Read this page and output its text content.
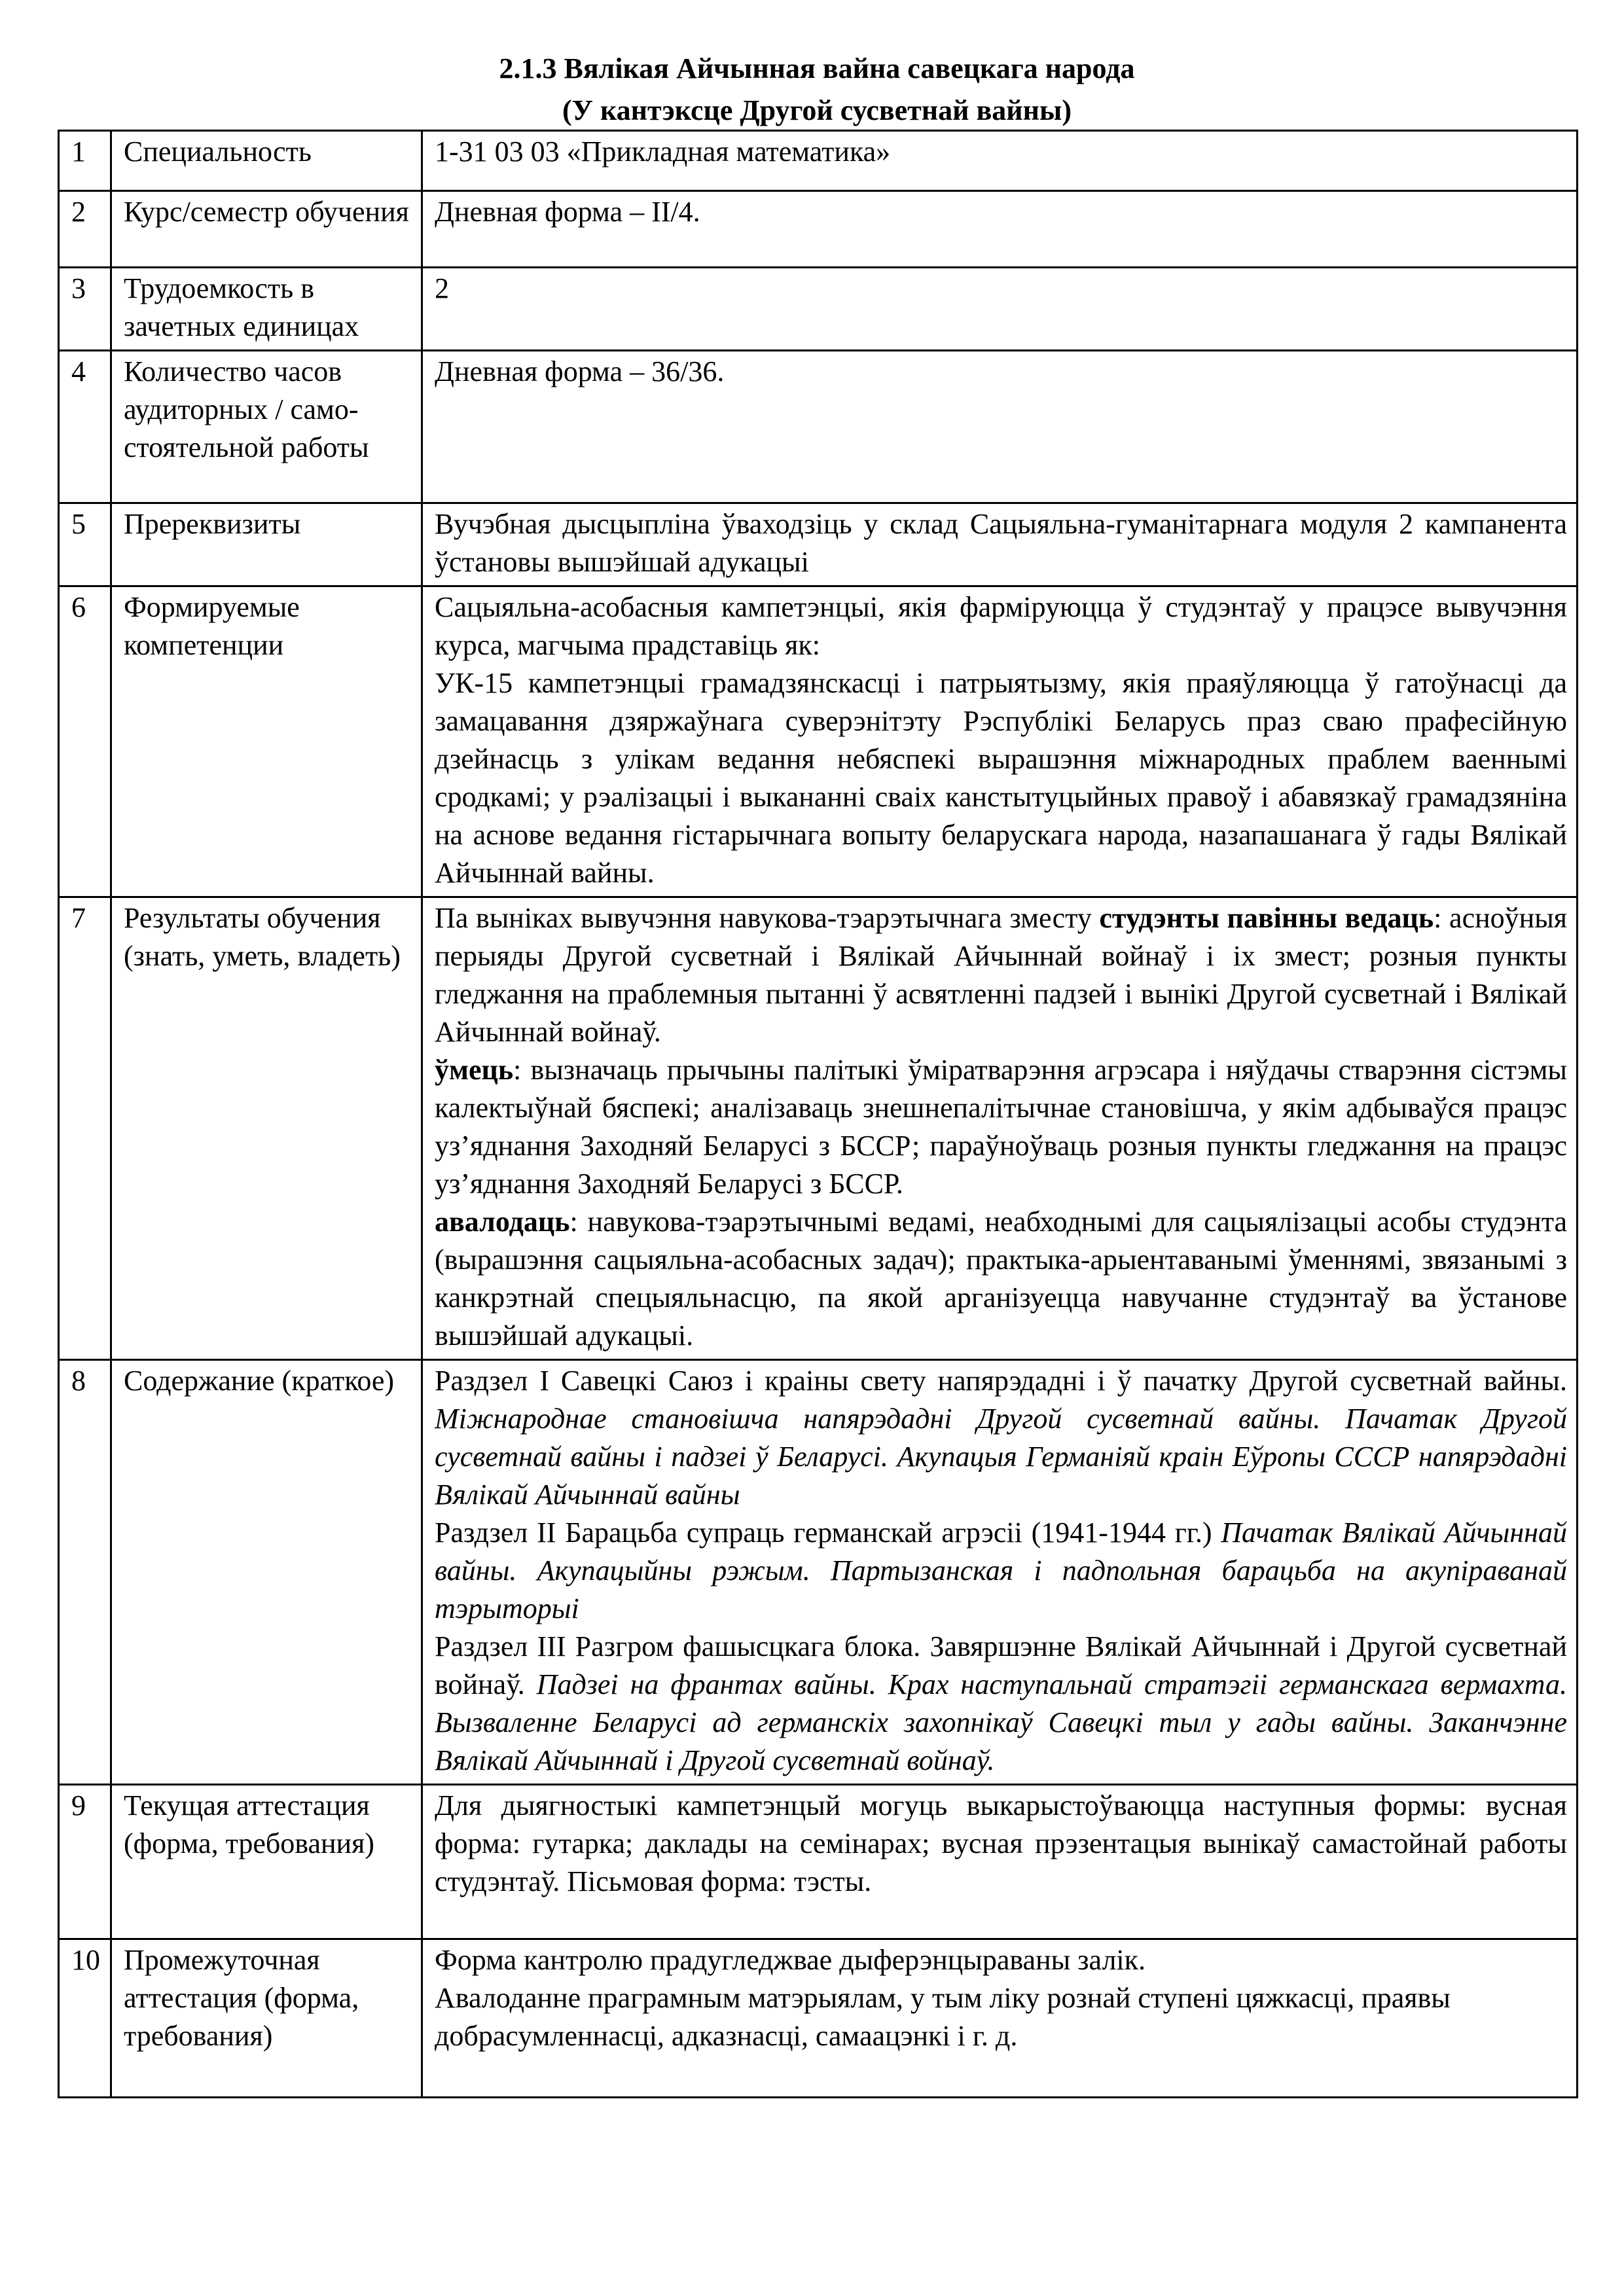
2.1.3 Вялікая Айчынная вайна савецкага народа
(У кантэксце Другой сусветнай вайны)
1	Специальность	1-31 03 03 «Прикладная математика»
2	Курс/семестр обучения	Дневная форма – II/4.
3	Трудоемкость в зачетных единицах	2
4	Количество часов аудиторных / само-стоятельной работы	Дневная форма – 36/36.
5	Пререквизиты	Вучэбная дысцыпліна ўваходзіць у склад Сацыяльна-гуманітарнага модуля 2 кампанента ўстановы вышэйшай адукацыі
6	Формируемые компетенции	Сацыяльна-асобасныя кампетэнцыі, якія фарміруюцца ў студэнтаў у працэсе вывучэння курса, магчыма прадставіць як:

УК-15 кампетэнцыі грамадзянскасці і патрыятызму, якія праяўляюцца ў гатоўнасці да замацавання дзяржаўнага суверэнітэту Рэспублікі Беларусь праз сваю прафесійную дзейнасць з улікам ведання небяспекі вырашэння міжнародных праблем ваеннымі сродкамі; у рэалізацыі і выкананні сваіх канстытуцыйных правоў і абавязкаў грамадзяніна на аснове ведання гістарычнага вопыту беларускага народа, назапашанага ў гады Вялікай Айчыннай вайны.

7	Результаты обучения (знать, уметь, владеть)	Па выніках вывучэння навукова-тэарэтычнага зместу студэнты павінны ведаць: асноўныя перыяды Другой сусветнай і Вялікай Айчыннай войнаў і іх змест; розныя пункты гледжання на праблемныя пытанні ў асвятленні падзей і вынікі Другой сусветнай і Вялікай Айчыннай войнаў.

ўмець: вызначаць прычыны палітыкі ўміратварэння агрэсара і няўдачы стварэння сістэмы калектыўнай бяспекі; аналізаваць знешнепалітычнае становішча, у якім адбываўся працэс уз’яднання Заходняй Беларусі з БССР; параўноўваць розныя пункты гледжання на працэс уз’яднання Заходняй Беларусі з БССР.

авалодаць: навукова-тэарэтычнымі ведамі, неабходнымі для сацыялізацыі асобы студэнта (вырашэння сацыяльна-асобасных задач); практыка-арыентаванымі ўменнямі, звязанымі з канкрэтнай спецыяльнасцю, па якой арганізуецца навучанне студэнтаў ва ўстанове вышэйшай адукацыі.

8	Содержание (краткое)	Раздзел I Савецкі Саюз і краіны свету напярэдадні і ў пачатку Другой сусветнай вайны. Міжнароднае становішча напярэдадні Другой сусветнай вайны. Пачатак Другой сусветнай вайны і падзеі ў Беларусі. Акупацыя Германіяй краін Еўропы СССР напярэдадні Вялікай Айчыннай вайны

Раздзел II Барацьба супраць германскай агрэсіі (1941-1944 гг.) Пачатак Вялікай Айчыннай вайны. Акупацыйны рэжым. Партызанская і падпольная барацьба на акупіраванай тэрыторыі

Раздзел III Разгром фашысцкага блока. Завяршэнне Вялікай Айчыннай і Другой сусветнай войнаў. Падзеі на франтах вайны. Крах наступальнай стратэгіі германскага вермахта. Вызваленне Беларусі ад германскіх захопнікаў Савецкі тыл у гады вайны. Заканчэнне Вялікай Айчыннай і Другой сусветнай войнаў.

9	Текущая аттестация (форма, требования)	Для дыягностыкі кампетэнцый могуць выкарыстоўваюцца наступныя формы: вусная форма: гутарка; даклады на семінарах; вусная прэзентацыя вынікаў самастойнай работы студэнтаў. Пісьмовая форма: тэсты.
10	Промежуточная аттестация (форма, требования)	Форма кантролю прадугледжвае дыферэнцыраваны залік.

Авалоданне праграмным матэрыялам, у тым ліку рознай ступені цяжкасці, праявы добрасумленнасці, адказнасці, самаацэнкі і г. д.
